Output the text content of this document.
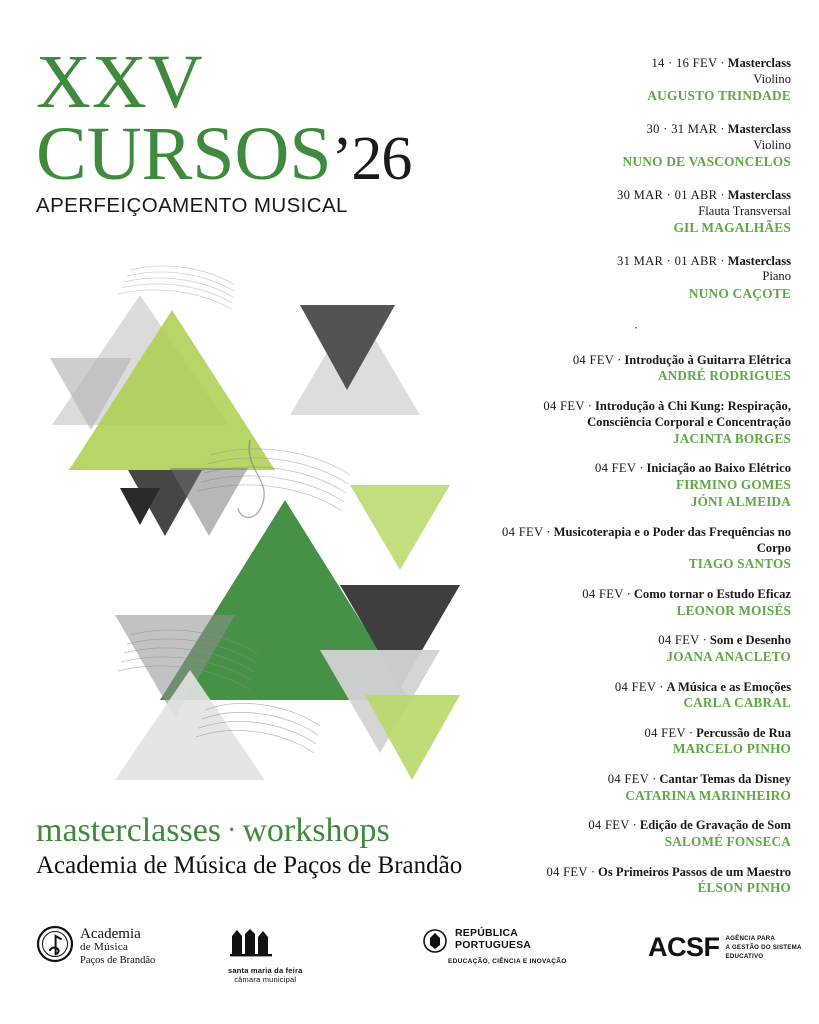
XXV
CURSOS’26
APERFEIÇOAMENTO MUSICAL
masterclasses · workshops
Academia de Música de Paços de Brandão
Academia
de Música
Paços de Brandão
santa maria da feira
câmara municipal
REPÚBLICA
PORTUGUESA
EDUCAÇÃO, CIÊNCIA E INOVAÇÃO	ACSF AGÊNCIA PARA
A GESTÃO DO SISTEMA
EDUCATIVO
14 · 16 FEV · Masterclass
Violino
AUGUSTO TRINDADE
30 · 31 MAR · Masterclass
Violino
NUNO DE VASCONCELOS
30 MAR · 01 ABR · Masterclass
Flauta Transversal
GIL MAGALHÃES
31 MAR · 01 ABR · Masterclass
Piano
NUNO CAÇOTE
·
04 FEV · Introdução à Guitarra Elétrica
ANDRÉ RODRIGUES
04 FEV · Introdução à Chi Kung: Respiração, Consciência Corporal e Concentração
JACINTA BORGES
04 FEV · Iniciação ao Baixo Elétrico
FIRMINO GOMES
JÓNI ALMEIDA
04 FEV · Musicoterapia e o Poder das Frequências no Corpo
TIAGO SANTOS
04 FEV · Como tornar o Estudo Eficaz
LEONOR MOISÉS
04 FEV · Som e Desenho
JOANA ANACLETO
04 FEV · A Música e as Emoções
CARLA CABRAL
04 FEV · Percussão de Rua
MARCELO PINHO
04 FEV · Cantar Temas da Disney
CATARINA MARINHEIRO
04 FEV · Edição de Gravação de Som
SALOMÉ FONSECA
04 FEV · Os Primeiros Passos de um Maestro
ÉLSON PINHO
